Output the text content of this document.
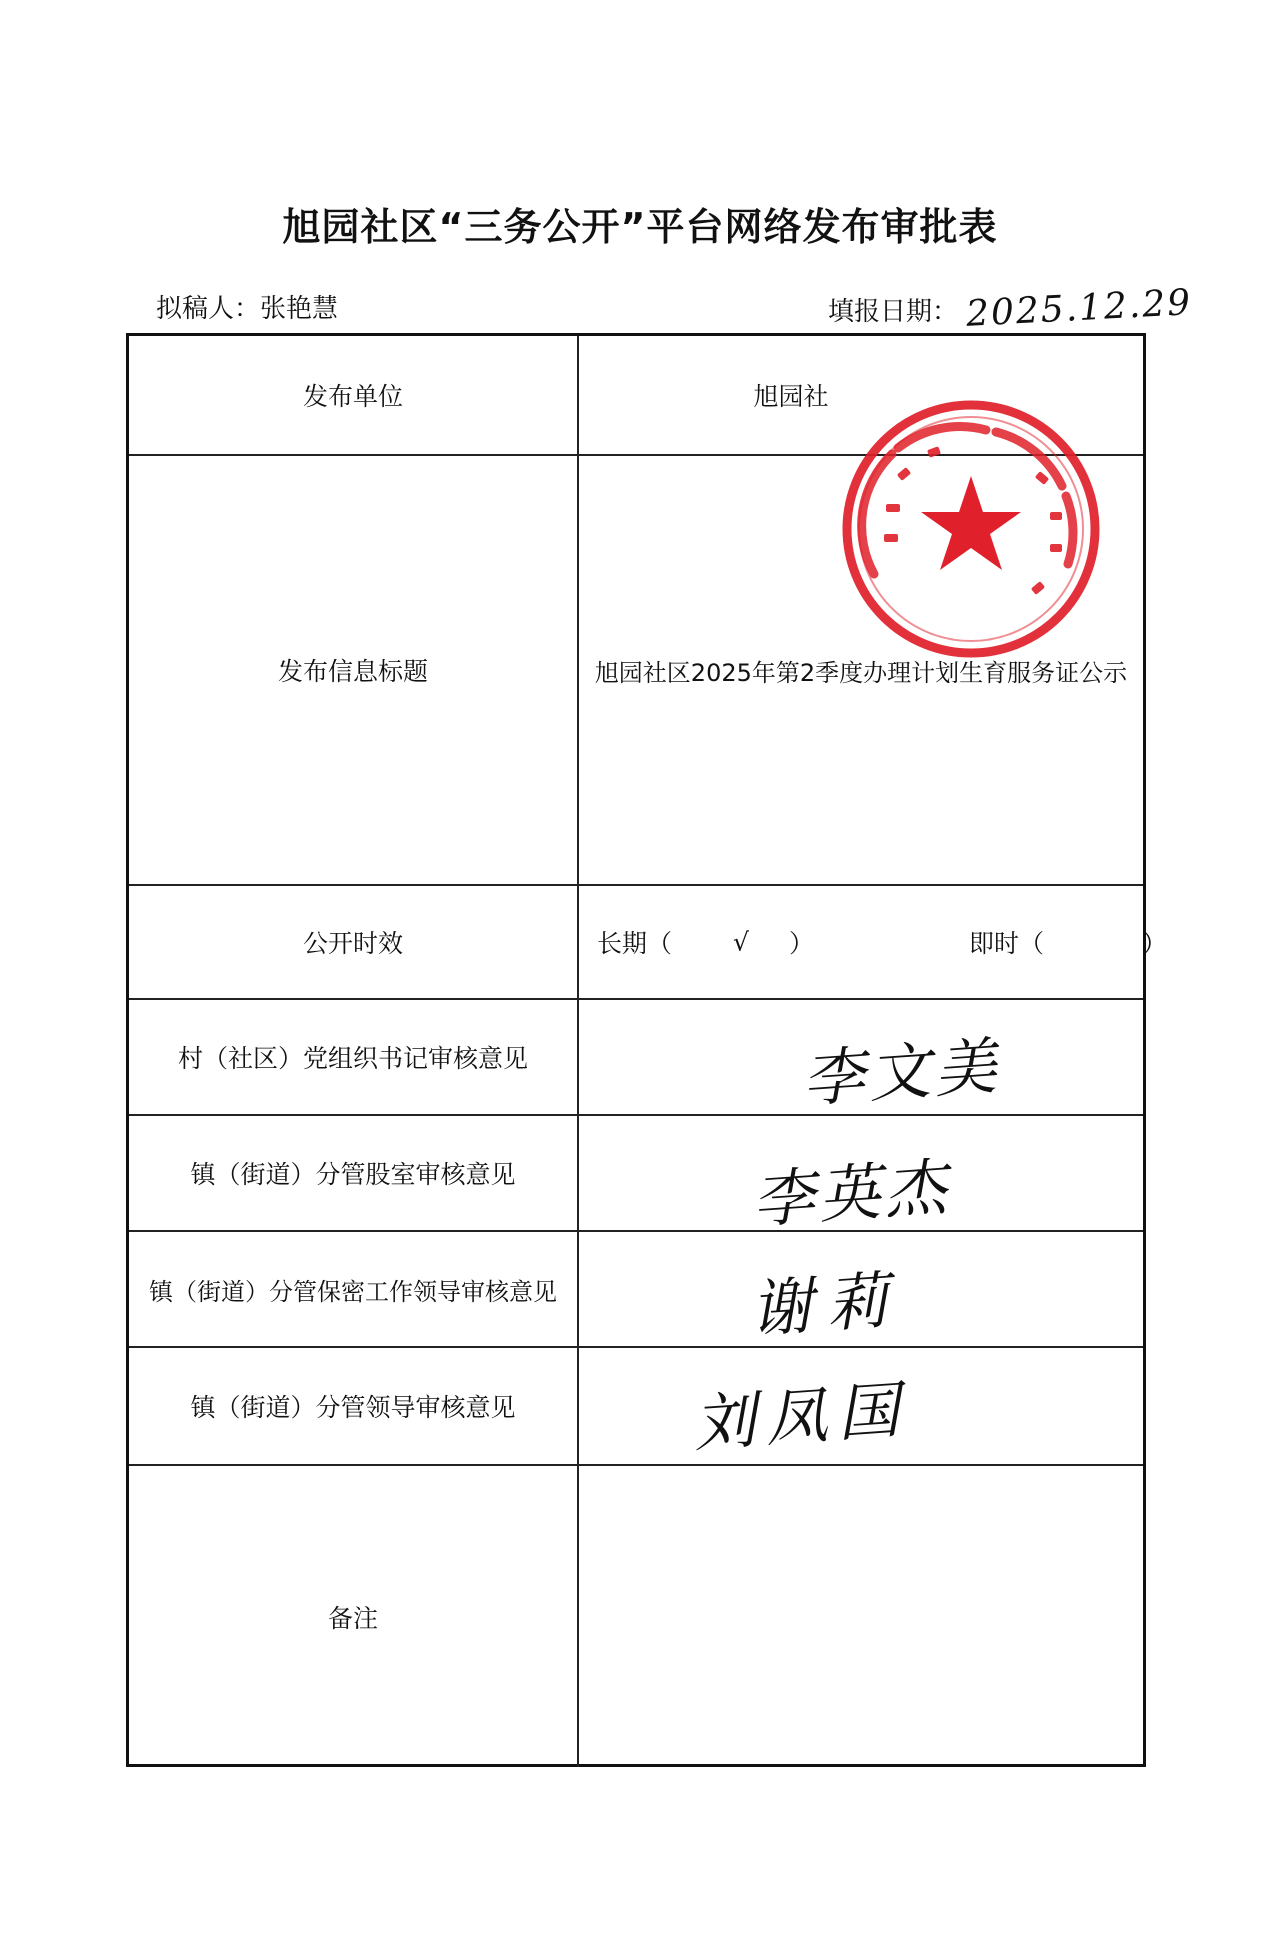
旭园社区“三务公开”平台网络发布审批表
拟稿人：张艳慧	填报日期： 2025.12.29
发布单位	旭园社
发布信息标题	旭园社区2025年第2季度办理计划生育服务证公示
公开时效	长期（ √ ）	即时（	）
村（社区）党组织书记审核意见	李文美
镇（街道）分管股室审核意见	李英杰
镇（街道）分管保密工作领导审核意见	谢莉
镇（街道）分管领导审核意见	刘凤国
备注
